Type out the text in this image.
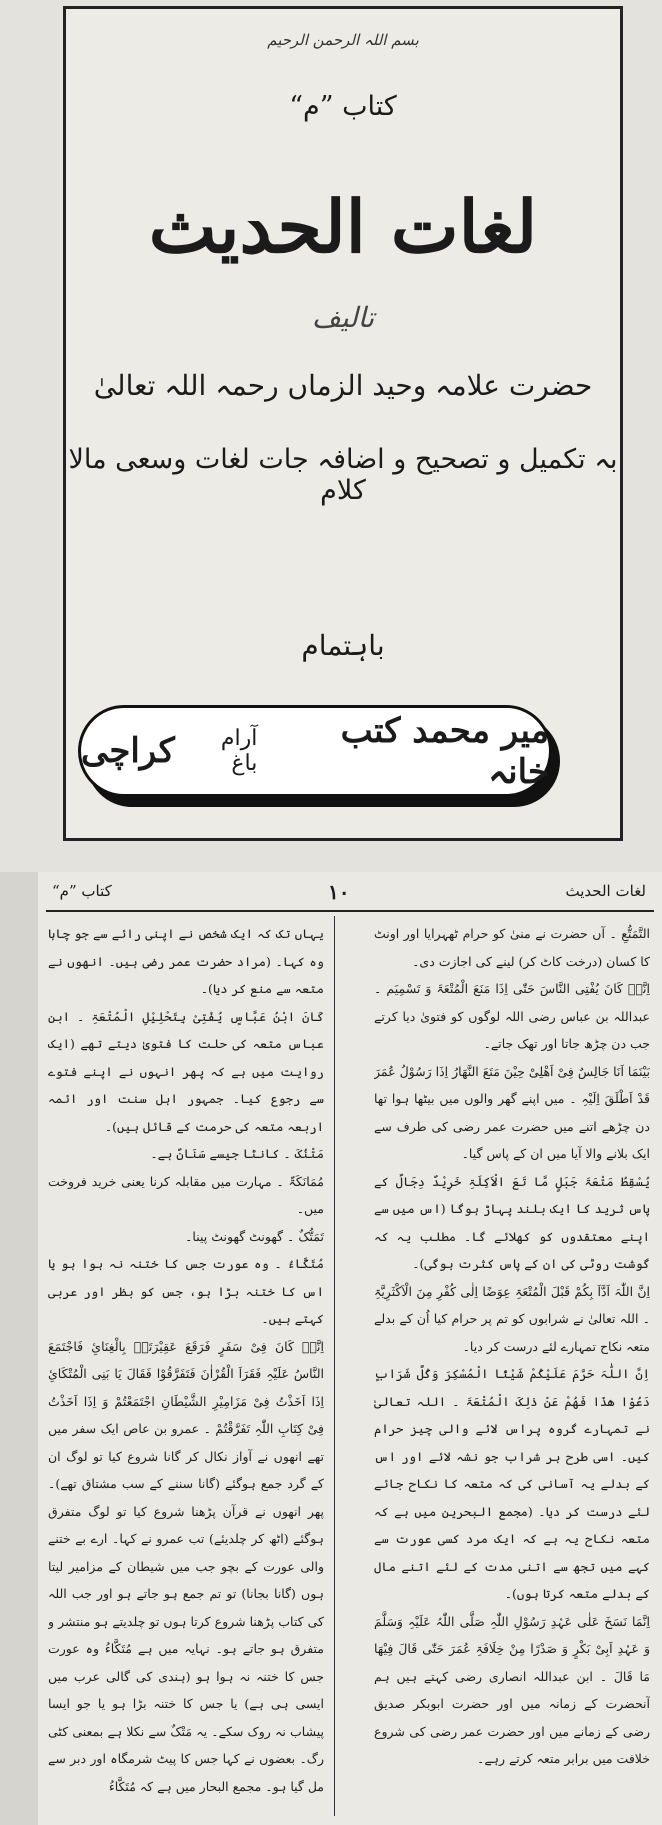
بسم اللہ الرحمن الرحیم
کتاب ”م“
لغات الحدیث
تالیف
حضرت علامہ وحید الزماں رحمہ اللہ تعالیٰ
بہ تکمیل و تصحیح و اضافہ جات لغات وسعی مالا کلام
باہتمام
میر محمد کتب خانہ
آرام باغ
کراچی
لغات الحدیث
۱۰
کتاب ”م“

التَّمَتُّعِ ۔ آں حضرت نے منیٰ کو حرام ٹھہرایا اور اونٹ کا کسان (درخت کاٹ کر) لینے کی اجازت دی۔

اِنَّہٗ کَانَ یُفْتِی النَّاسَ حَتّٰی اِذَا مَنَعَ الْمُتْعَۃَ وَ تَسْمِیَم ۔ عبداللہ بن عباس رضی اللہ لوگوں کو فتویٰ دیا کرتے جب دن چڑھ جاتا اور تھک جاتے۔

بَیْنَمَا اَنَا جَالِسٌ فِیْ اَھْلِیْ حِیْنَ مَتَعَ النَّھَارُ اِذَا رَسُوْلُ عُمَرَ قَدْ اَطْلَقَ اِلَیْہِ ۔ میں اپنے گھر والوں میں بیٹھا ہوا تھا دن چڑھے اتنے میں حضرت عمر رضی کی طرف سے ایک بلانے والا آیا میں ان کے پاس گیا۔

یُسْقِطُ مَتْعَۃَ جَبَلٍ مَّا تَعَ الْاَکِلَۃِ خَرِیْدٌ دِجَالٌ کے پاس ثرید کا ایک بلند پہاڑ ہوگا (اس میں سے اپنے معتقدوں کو کھلائے گا۔ مطلب یہ کہ گوشت روٹی کی ان کے پاس کثرت ہوگی)۔

اِنَّ اللّٰہَ اَدَّاَ بِکُمْ قَبْلَ الْمُتْعَۃِ عِوَضًا اِلٰی کُفْرِ مِنَ الْاَکْثَرِیَّۃِ ۔ اللہ تعالیٰ نے شرابوں کو تم پر حرام کیا اُن کے بدلے متعہ نکاح تمہارے لئے درست کر دیا۔

اِنَّ اللّٰہَ حَرَّمَ عَلَیْکُمْ شَیْئًا الْمُسْکِرَ وَکُلَّ شَرَابٍ دَعُوْا ھٰذَا فَھُمْ عَنْ ذٰلِکَ الْمُتْعَۃَ ۔ اللہ تعالیٰ نے تمہارے گروہ پراس لائے والی چیز حرام کیں۔ اسی طرح ہر شراب جو نشہ لائے اور اس کے بدلے یہ آسانی کی کہ متعہ کا نکاح جائے لئے درست کر دیا۔ (مجمع البحرین میں ہے کہ متعہ نکاح یہ ہے کہ ایک مرد کسی عورت سے کہے میں تجھ سے اتنی مدت کے لئے اتنے مال کے بدلے متعہ کرتا ہوں)۔

اِنَّمَا نَسَخَ عَلٰی عَہْدِ رَسُوْلِ اللّٰہِ صَلَّی اللّٰہُ عَلَیْہِ وَسَلَّمَ وَ عَہْدِ اَبِیْ بَکْرٍ وَ صَدْرًا مِنْ خِلَافَۃِ عُمَرَ حَتّٰی قَالَ فِیْھَا مَا قَالَ ۔ ابن عبداللہ انصاری رضی کہتے ہیں ہم آنحضرت کے زمانہ میں اور حضرت ابوبکر صدیق رضی کے زمانے میں اور حضرت عمر رضی کی شروع خلافت میں برابر متعہ کرتے رہے۔

یہاں تک کہ ایک شخص نے اپنی رائے سے جو چاہا وہ کہا۔ (مراد حضرت عمر رضی ہیں۔ انھوں نے متعہ سے منع کر دیا)۔

کَانَ ابْنُ عَبَّاسٍ یُفْتِیْ بِتَحْلِیْلِ الْمُتْعَۃِ ۔ ابن عباس متعہ کی حلت کا فتویٰ دیتے تھے (ایک روایت میں ہے کہ پھر انہوں نے اپنے فتوے سے رجوع کیا۔ جمہور اہل سنت اور ائمہ اربعہ متعہ کی حرمت کے قائل ہیں)۔

مَتْنُکَ ۔ کانٹا جیسے سَنَانٌ ہے۔

مُمَانَکَۃٌ ۔ مہارت میں مقابلہ کرنا یعنی خرید فروخت میں۔

تَمَتُّکٌ ۔ گھونٹ گھونٹ پینا۔

مُتَکَّاءُ ۔ وہ عورت جس کا ختنہ نہ ہوا ہو یا اس کا ختنہ بڑا ہو، جس کو بظر اور عربی کہتے ہیں۔

اِنَّہٗ کَانَ فِیْ سَفَرٍ فَرَقَعَ عَقِیْرَتَہٗ بِالْغِنَائِ فَاجْتَمَعَ النَّاسُ عَلَیْہِ فَقَرَاَ الْقُرْاٰنَ فَتَفَرَّقُوْا فَقَالَ یَا بَنِی الْمُتْکَائِ اِذَا اَخَذْتُ فِیْ مَزَامِیْرِ الشَّیْطَانِ اجْتَمَعْتُمْ وَ اِذَا اَخَذْتُ فِیْ کِتَابِ اللّٰہِ تَفَرَّقْتُمْ ۔ عمرو بن عاص ایک سفر میں تھے انھوں نے آواز نکال کر گانا شروع کیا تو لوگ ان کے گرد جمع ہوگئے (گانا سننے کے سب مشتاق تھے)۔ پھر انھوں نے قرآن پڑھنا شروع کیا تو لوگ متفرق ہوگئے (اٹھ کر چلدیئے) تب عمرو نے کہا۔ ارے بے ختنے والی عورت کے بچو جب میں شیطان کے مزامیر لیتا ہوں (گانا بجانا) تو تم جمع ہو جاتے ہو اور جب اللہ کی کتاب پڑھنا شروع کرتا ہوں تو چلدیتے ہو منتشر و متفرق ہو جاتے ہو۔ نہایہ میں ہے مُتَکَّاءُ وہ عورت جس کا ختنہ نہ ہوا ہو (ہندی کی گالی عرب میں ایسی ہی ہے) یا جس کا ختنہ بڑا ہو یا جو ایسا پیشاب نہ روک سکے۔ یہ مَتْکٌ سے نکلا ہے بمعنی کٹی رگ۔ بعضوں نے کہا جس کا پیٹ شرمگاہ اور دبر سے مل گیا ہو۔ مجمع البحار میں ہے کہ مُتَکَّاءُ
